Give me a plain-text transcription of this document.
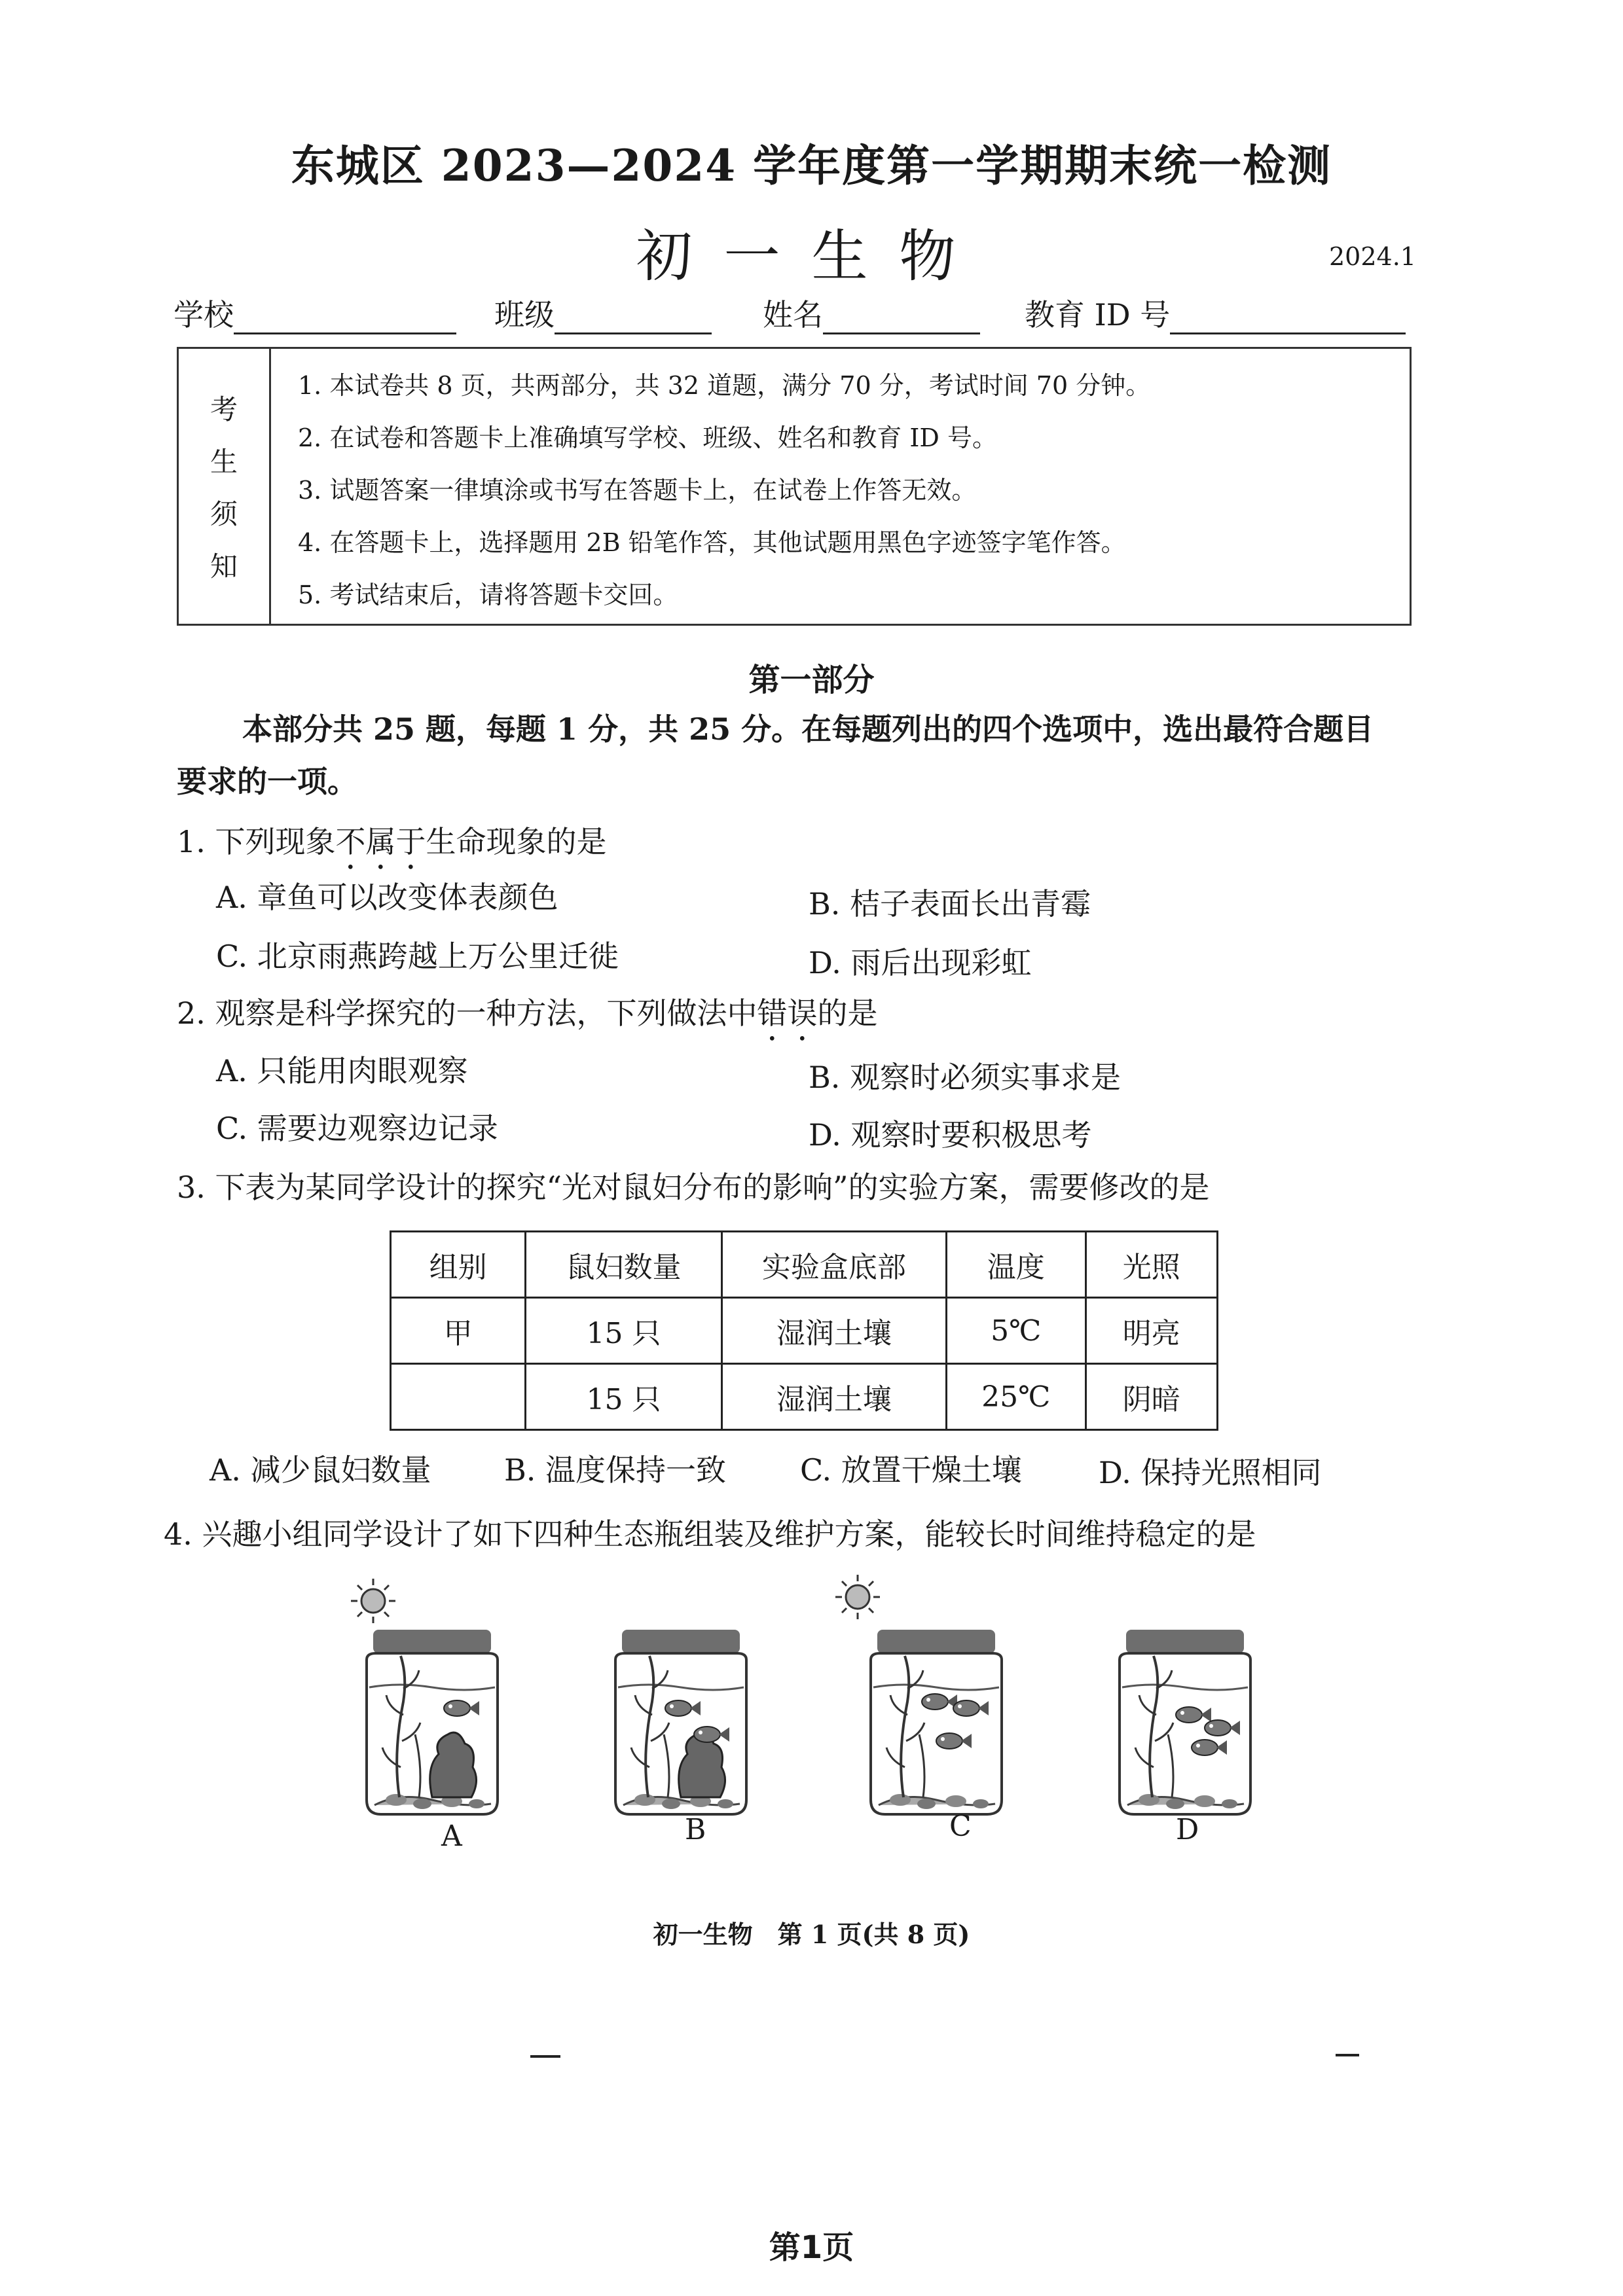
东城区 2023—2024 学年度第一学期期末统一检测
初一生物	2024.1
学校	班级	姓名	教育 ID 号
考
生
须
知
1. 本试卷共 8 页，共两部分，共 32 道题，满分 70 分，考试时间 70 分钟。
2. 在试卷和答题卡上准确填写学校、班级、姓名和教育 ID 号。
3. 试题答案一律填涂或书写在答题卡上，在试卷上作答无效。
4. 在答题卡上，选择题用 2B 铅笔作答，其他试题用黑色字迹签字笔作答。
5. 考试结束后，请将答题卡交回。
第一部分
本部分共 25 题，每题 1 分，共 25 分。在每题列出的四个选项中，选出最符合题目
要求的一项。
1. 下列现象不属于生命现象的是
A. 章鱼可以改变体表颜色	B. 桔子表面长出青霉
C. 北京雨燕跨越上万公里迁徙	D. 雨后出现彩虹
2. 观察是科学探究的一种方法，下列做法中错误的是
A. 只能用肉眼观察	B. 观察时必须实事求是
C. 需要边观察边记录	D. 观察时要积极思考
3. 下表为某同学设计的探究“光对鼠妇分布的影响”的实验方案，需要修改的是
组别	鼠妇数量	实验盒底部	温度	光照
甲	15 只	湿润土壤	5℃	明亮
	15 只	湿润土壤	25℃	阴暗
A. 减少鼠妇数量 B. 温度保持一致 C. 放置干燥土壤	D. 保持光照相同
4. 兴趣小组同学设计了如下四种生态瓶组装及维护方案，能较长时间维持稳定的是
A	B	C	D
初一生物　第 1 页(共 8 页)
第1页
